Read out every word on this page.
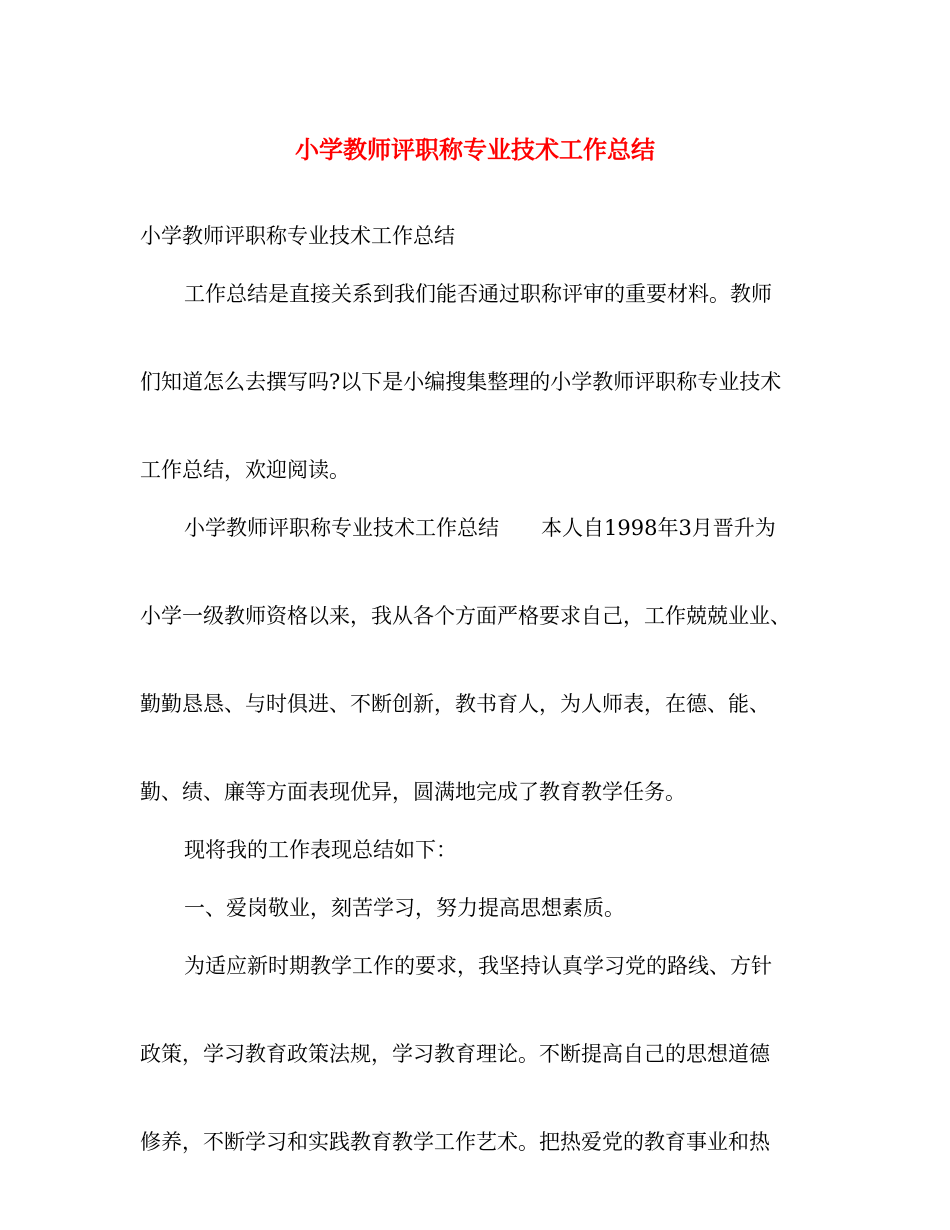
小学教师评职称专业技术工作总结

小学教师评职称专业技术工作总结

工作总结是直接关系到我们能否通过职称评审的重要材料。教师

们知道怎么去撰写吗?以下是小编搜集整理的小学教师评职称专业技术

工作总结，欢迎阅读。

小学教师评职称专业技术工作总结　　本人自1998年3月晋升为

小学一级教师资格以来，我从各个方面严格要求自己，工作兢兢业业、

勤勤恳恳、与时俱进、不断创新，教书育人，为人师表，在德、能、

勤、绩、廉等方面表现优异，圆满地完成了教育教学任务。

现将我的工作表现总结如下：

一、爱岗敬业，刻苦学习，努力提高思想素质。

为适应新时期教学工作的要求，我坚持认真学习党的路线、方针

政策，学习教育政策法规，学习教育理论。不断提高自己的思想道德

修养，不断学习和实践教育教学工作艺术。把热爱党的教育事业和热
